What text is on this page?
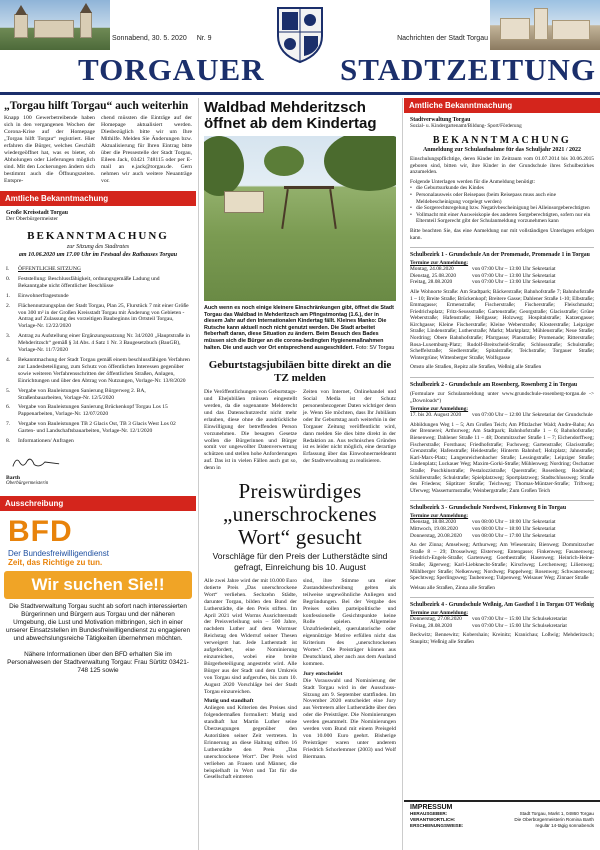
Sonnabend, 30. 5. 2020 Nr. 9	Nachrichten der Stadt Torgau
TORGAUER STADTZEITUNG
„Torgau hilft Torgau“ auch weiterhin
Knapp 100 Gewerbetreibende haben sich in den vergangenen Wochen der Corona-Krise auf der Homepage „Torgau hilft Torgau“ registriert. Hier erfahren die Bürger, welches Geschäft wiedergeöffnet hat, was es bietet, ob Abholungen oder Lieferungen möglich sind. Mit den Lockerungen ändern sich bestimmt auch die Öffnungszeiten. Entspre-
chend müssten die Einträge auf der Homepage aktualisiert werden. Diesbezüglich bitte wir um Ihre Mithilfe. Melden Sie Änderungen bzw. Aktualisierung für Ihren Eintrag bitte über die Pressestelle der Stadt Torgau, Eileen Jack, 03421 748115 oder per E-mail an e.jack@torgau.de. Gern nehmen wir auch weitere Neuanträge vor.
Amtliche Bekanntmachung
Große Kreisstadt Torgau
Der Oberbürgermeister
BEKANNTMACHUNG
zur Sitzung des Stadtrates
am 10.06.2020 um 17.00 Uhr im Festsaal des Rathauses Torgau
I.	ÖFFENTLICHE SITZUNG
0.	Feststellung: Beschlussfähigkeit, ordnungsgemäße Ladung und Bekanntgabe nicht öffentlicher Beschlüsse
1.	Einwohnerfragestunde
2.	Flächennutzungsplan der Stadt Torgau, Plan 25, Flurstück 7 mit einer Größe von 300 m² in der Großen Kreisstadt Torgau mit Änderung von Gebieten - Antrag auf Zulassung des vorzeitigen Baubeginns im Ortsteil Torgau, Vorlage-Nr. 12/22/2020
3.	Antrag zu Aufstellung einer Ergänzungssatzung Nr. 34/2020 „Hauptstraße in Mehderitzsch“ gemäß § 34 Abs. 4 Satz 1 Nr. 3 Baugesetzbuch (BauGB), Vorlage-Nr. 11/7/2020
4.	Bekanntmachung der Stadt Torgau gemäß einem beschlussfähigen Verfahren zur Landesbeteiligung, zum Schutz von öffentlichen Interessen gegenüber sowie weiteren Verfahrensschritten der öffentlichen Straßen, Anlagen, Einrichtungen und über den Abtrag von Nutzungen, Vorlage-Nr. 13/8/2020
5.	Vergabe von Bauleistungen Sanierung Bürgerweg 2. BA, Straßenbauarbeiten, Vorlage-Nr. 12/5/2020
6.	Vergabe von Bauleistungen Sanierung Brückenkopf Torgau Los 15 Pappenarbeiten, Vorlage-Nr. 12/07/2020
7.	Vergabe von Bauleistungen TB 2 Glacis Ost, TB 3 Glacis West Los 02 Garten- und Landschaftsbauarbeiten, Vorlage-Nr. 12/1/2020
8.	Informationen/ Anfragen
Barth
Oberbürgermeisterin
Ausschreibung
BFD
Der Bundesfreiwilligendienst
Zeit, das Richtige zu tun.
Wir suchen Sie!!
Die Stadtverwaltung Torgau sucht ab sofort nach interessierten Bürgerinnen und Bürgern aus Torgau und der näheren Umgebung, die Lust und Motivation mitbringen, sich in einer unserer Einsatzstellen im Bundesfreiwilligendienst zu engagieren und abwechslungsreiche Tätigkeiten übernehmen möchten.
Nähere Informationen über den BFD erhalten Sie im Personalwesen der Stadtverwaltung Torgau: Frau Sürtitz 03421-748 125 sowie
Waldbad Mehderitzsch öffnet ab dem Kindertag
Auch wenn es noch einige kleinere Einschränkungen gibt, öffnet die Stadt Torgau das Waldbad in Mehderitzsch am Pfingstmontag (1.6.), der in diesem Jahr auf den Internationalen Kindertag fällt. Kleines Manko: Die Rutsche kann aktuell noch nicht genutzt werden. Die Stadt arbeitet fieberhaft daran, diese Situation zu ändern. Beim Besuch des Bades müssen sich die Bürger an die corona-bedingten Hygienemaßnahmen halten. Die und auch vor Ort entsprechend ausgeschildert. Foto: SV Torgau
Geburtstagsjubiläen bitte direkt an die TZ melden
Die Veröffentlichungen von Geburtstags- und Ehejubiläen müssen eingestellt werden, da die sogenannte Melderecht und das Datenschutzrecht nicht mehr erlauben, diese ohne die ausdrückliche Einwilligung der betreffenden Person vorzunehmen. Die besagten Gesetze wollen die Bürgerinnen und Bürger somit vor ungewollter Datenverwertung schützen und stellen hohe Anforderungen auf. Das ist in vielen Fällen auch gut so, denn in
Zeiten von Internet, Onlinehandel und Social Media ist der Schutz personenbezogener Daten wichtiger denn je. Wenn Sie möchten, dass Ihr Jubiläum oder Ihr Geburtstag auch weiterhin in der Torgauer Zeitung veröffentlicht wird, dann melden Sie dies bitte direkt in der Redaktion an. Aus technischen Gründen ist es leider nicht möglich, eine derartige Erfassung über das Einwohnermeldeamt der Stadtverwaltung zu realisieren.
Preiswürdiges „unerschrockenes Wort“ gesucht
Vorschläge für den Preis der Lutherstädte sind gefragt, Einreichung bis 10. August
Alle zwei Jahre wird der mit 10.000 Euro dotierte Preis „Das unerschrockene Wort“ verliehen. Sechzehn Städte, darunter Torgau, bilden den Bund der Lutherstädte, die den Preis stiften. Im April 2021 wird Worms Ausrichterstadt der Preisverleihung sein – 500 Jahre, nachdem Luther auf dem Wormser Reichstag den Widerruf seiner Thesen verweigert hat. Jede Lutherstadt ist aufgefordert, eine Nominierung einzureichen, wobei eine breite Bürgerbeteiligung angestrebt wird. Alle Bürger aus der Stadt und dem Umkreis von Torgau sind aufgerufen, bis zum 10. August 2020 Vorschläge bei der Stadt Torgau einzureichen.
Mutig und standhaft
Anliegen und Kriterien des Preises sind folgendermaßen formuliert: Mutig und standhaft hat Martin Luther seine Überzeugungen gegenüber den Autoritäten seiner Zeit vertreten. In Erinnerung an diese Haltung stiften 16 Lutherstädte den Preis „Das unerschrockene Wort“. Der Preis wird verliehen an Frauen und Männer, die beispielhaft in Wort und Tat für die Gesellschaft eintreten
sind, ihre Stimme um einer Zustandsbeschreibung gelten als teilweise ungewöhnliche Anliegen und Begründungen. Bei der Vergabe des Preises sollen parteipolitische und konfessionelle Gesichtspunkte keine Rolle spielen. Allgemeine Unzufriedenheit, querulatorische oder eigennützige Motive erfüllen nicht das Kriterium des „unerschrockenen Wortes“. Die Preisträger können aus Deutschland, aber auch aus dem Ausland kommen.
Jury entscheidet
Die Vorauswahl und Nominierung der Stadt Torgau wird in der Ausschuss-Sitzung am 9. September stattfinden. Im November 2020 entscheidet eine Jury aus Vertretern aller Lutherstädte über den oder die Preisträger. Die Nominierungen werden gesammelt. Die Nominierungen werden vom Bund mit einem Preisgeld von 10.000 Euro geehrt. Bisherige Preisträger waren unter anderem Friedrich Schorlemmer (2003) und Wolf Biermann.
Amtliche Bekanntmachung
Stadtverwaltung Torgau
Sozial- u. Kindergartenamt/Bildung- Sport/Förderung
BEKANNTMACHUNG
Anmeldung zur Schulaufnahme für das Schuljahr 2021 / 2022
Einschulungspflichtige, deren Kinder im Zeitraum vom 01.07.2014 bis 30.06.2015 geboren sind, bitten wir, ihre Kinder in der Grundschule ihres Schulbezirkes anzumelden.
Folgende Unterlagen werden für die Anmeldung benötigt:
• die Geburtsurkunde des Kindes
• Personalausweis oder Reisepass (beim Reisepass muss auch eine Meldebescheinigung vorgelegt werden)
• die Sorgerechtsregelung bzw. Negativbescheinigung bei Alleinsorgeberechtigten
• Vollmacht mit einer Ausweiskopie des anderen Sorgeberechtigten, sofern nur ein Elternteil Sorgerecht gibt der Schulanmeldung vorzunehmen kann
Bitte beachten Sie, das eine Anmeldung nur mit vollständigen Unterlagen erfolgen kann.
Schulbezirk 1 - Grundschule An der Promenade, Promenade 1 in Torgau
Termine zur Anmeldung:
Montag, 24.08.2020	von 07:00 Uhr – 13:00 Uhr Sekretariat
Dienstag, 25.08.2020	von 07:00 Uhr – 13:00 Uhr Sekretariat
Freitag, 28.08.2020	von 07:00 Uhr – 13:00 Uhr Sekretariat
Alle Wohnorte Straße: Am Stadtpark; Bäckerstraße; Bahnhofstraße 7; Bahnhofstraße 1 – 10; Breite Straße; Brückenkopf; Breitere Gasse; Dahlener Straße 1-10; Elbstraße; Emmagasse; Ermenstraße; Fischerstraße; Fischerstraße; Fleischmarkt; Friedrichsplatz; Fritz-Seussstraße; Gartenstraße; Georgstraße; Glacisstraße; Grüne Weberstraße; Hafenstraße; Hellgasse; Holzweg; Hospitalstraße; Katzengasse; Kirchgasse; Kleine Fischerstraße; Kleine Weberstraße; Klosterstraße; Leipziger Straße; Lindenstraße; Lutherstraße; Markt; Marktplatz; Mühlenstraße; Neue Straße; Nordring; Obere Bahnhofstraße; Pfarrgasse; Planstraße; Promenade; Ritterstraße; Rosa-Luxemburg-Platz; Rudolf-Breitscheid-Straße; Schlossstraße; Schulstraße; Scheffelstraße; Siedlerstraße; Spitalstraße; Teichstraße; Torgauer Straße; Wintergrüne; Wittenberger Straße; Wolfsgasse
Omsto alle Straßen, Repitz alle Straßen, Weßnig alle Straßen
Schulbezirk 2 - Grundschule am Rosenberg, Rosenberg 2 in Torgau
(Formulare zur Schulanmeldung unter www.grundschule-rosenberg-torgau.de -> „Downloads“)
Termine zur Anmeldung:
17. bis 20. August 2020	von 07:00 Uhr – 12:00 Uhr Sekretariat der Grundschule
Abbildungen Weg 1 – 5; Am Großen Teich; Am Pfitzlacher Wald; Andre-Bahn; An der Brennerei; Arthurweg; Am Stadtpark; Bahnhofstraße 1 – 6; Bahnhofstraße; Bienenweg; Dahlener Straße 11 – 48; Dommitzscher Straße 1 – 7; Eichendorffweg; Fischerstraße; Forsthaus; Friedhofstraße; Fuchsweg; Gartenstraße; Glacisstraße; Grenzstraße; Hafenstraße; Heidestraße; Hinterm Bahnhof; Holzplatz; Jahnstraße; Karl-Marx-Platz; Langenreichenbacher Straße; Lessingstraße; Leipziger Straße; Lindenplatz; Luckauer Weg; Maxim-Gorki-Straße; Mühlenweg; Nordring; Oschatzer Straße; Puschkinstraße; Pestalozzistraße; Querstraße; Rosenberg; Rodeland; Schillerstraße; Schulstraße; Spielplatzweg; Sportplatzweg; Stadtschlussweg; Straße des Friedens; Süptitzer Straße; Teichweg; Thomas-Müntzer-Straße; Triftweg; Uferweg; Wasserturmstraße; Weinbergstraße; Zum Großen Teich
Schulbezirk 3 - Grundschule Nordwest, Finkenweg 8 in Torgau
Termine zur Anmeldung:
Dienstag, 18.08.2020	von 08:00 Uhr – 18:00 Uhr Sekretariat
Mittwoch, 19.08.2020	von 08:00 Uhr – 18:00 Uhr Sekretariat
Donnerstag, 20.08.2020	von 08:00 Uhr – 17:00 Uhr Sekretariat
An der Zinna; Amselweg; Arthurweg; Am Wiesenrain; Bienweg; Dommitzscher Straße 8 – 29; Drosselweg; Elsterweg; Entengasse; Finkenweg; Fasanenweg; Friedrich-Engels-Straße; Gartenweg; Goethestraße; Hasenweg; Heinrich-Heine-Straße; Jägerweg; Karl-Liebknecht-Straße; Kirschweg; Lerchenweg; Lilienweg; Mühlberger Straße; Nelkenweg; Nordweg; Pappelweg; Rosenweg; Schwanenweg; Spechtweg; Sperlingsweg; Taubenweg; Tulpenweg; Welsauer Weg; Zinnaer Straße
Welsau alle Straßen, Zinna alle Straßen
Schulbezirk 4 - Grundschule Weßnig, Am Gasthof 1 in Torgau OT Weßnig
Termine zur Anmeldung:
Donnerstag, 27.08.2020	von 07:00 Uhr – 15:00 Uhr Schulsekretariat
Freitag, 28.08.2020	von 07:00 Uhr – 15:00 Uhr Schulsekretariat
Beckwitz; Bennewitz; Kobershain; Kreinitz; Kranichau; Loßwig; Mehderitzsch; Staupitz; Weßnig alle Straßen
IMPRESSUM
HERAUSGEBER:	Stadt Torgau, Markt 1, 04860 Torgau
VERANTWORTLICH:	Die Oberbürgermeisterin Romina Barth
ERSCHEINUNGSWEISE:	regulär 14-tägig sonnabends
